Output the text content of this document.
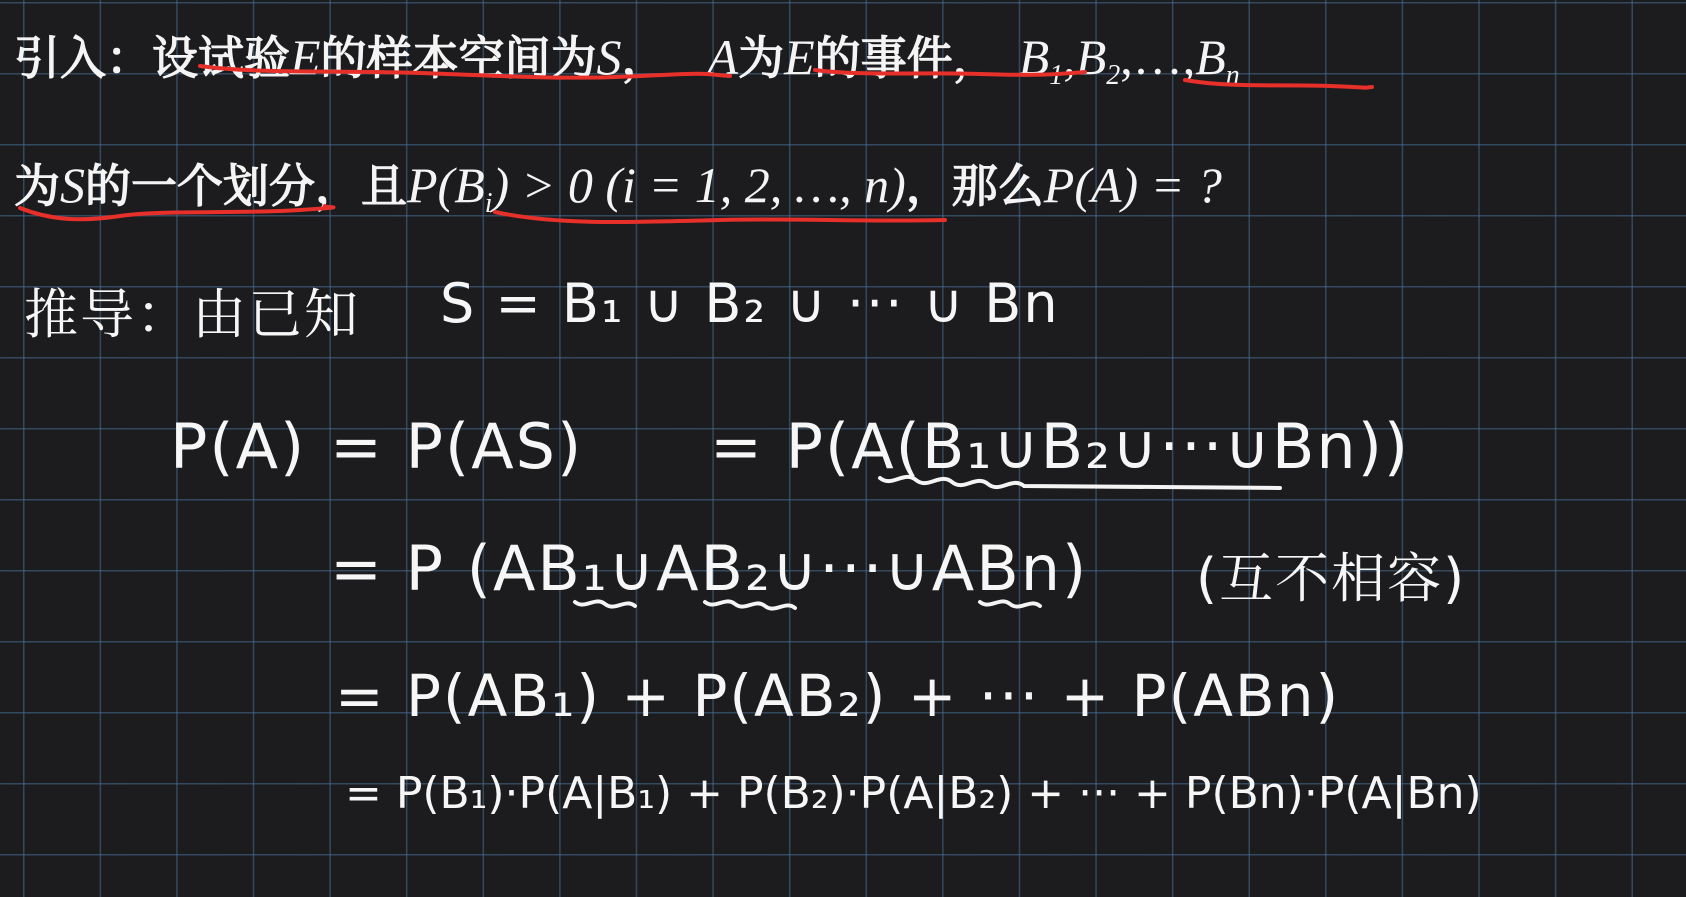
引入：设试验E的样本空间为S， A为E的事件， $B_1,B_2,\dots,B_n$
为S的一个划分，且$P(B_i) > 0$ (i = 1, 2, …, n)，那么P(A) = ?
推导：由已知 S = B₁ ∪ B₂ ∪ ··· ∪ Bn
P(A) = P(AS) = P(A(B₁∪B₂∪···∪Bn))
= P (AB₁∪AB₂∪···∪ABn) (互不相容)
= P(AB₁) + P(AB₂) + ··· + P(ABn)
= P(B₁)·P(A|B₁) + P(B₂)·P(A|B₂) + ··· + P(Bn)·P(A|Bn)
